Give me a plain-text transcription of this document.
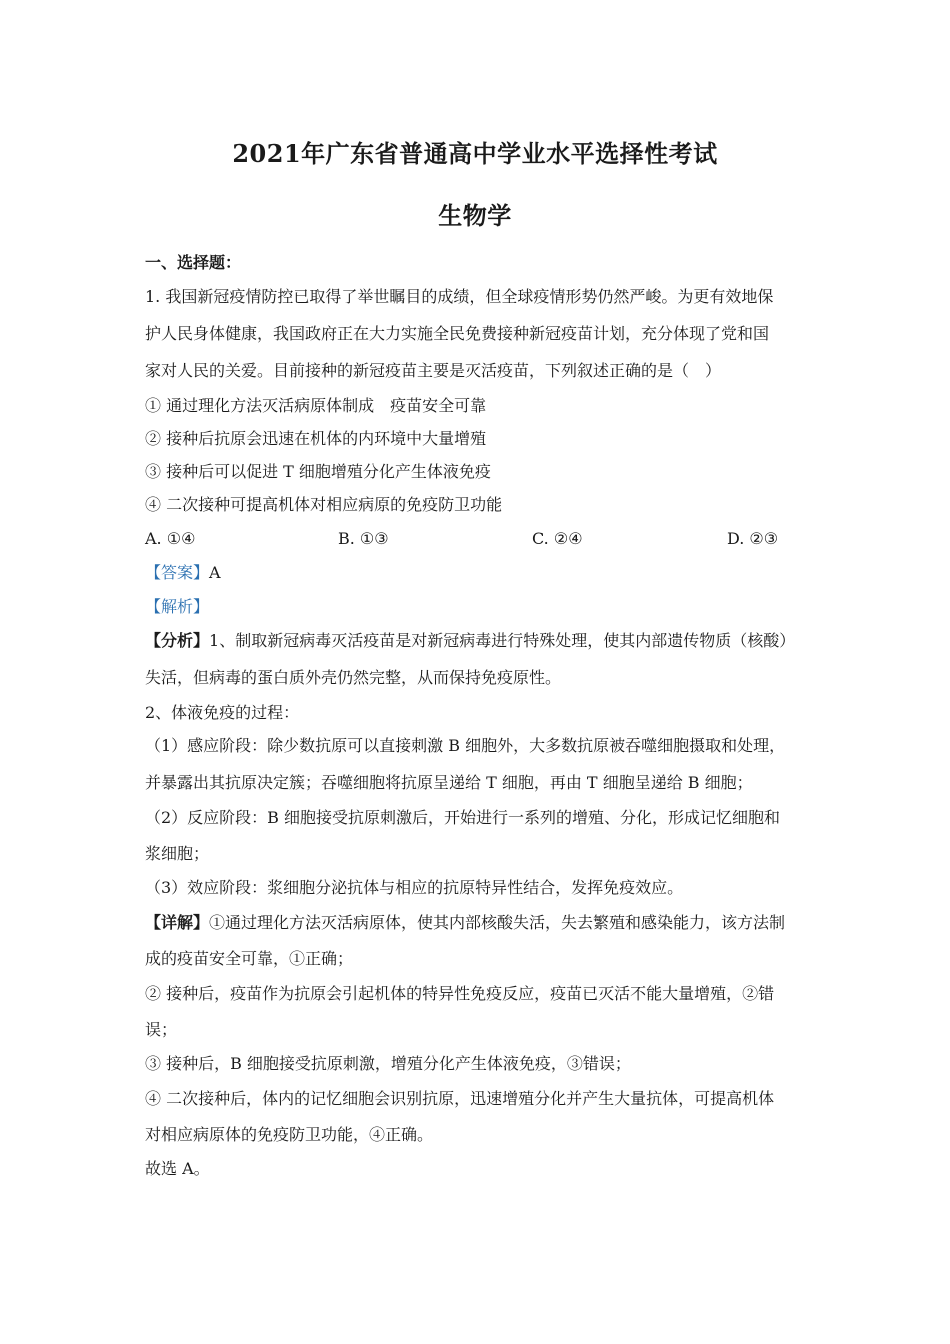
2021年广东省普通高中学业水平选择性考试
生物学
一、选择题：
1. 我国新冠疫情防控已取得了举世瞩目的成绩，但全球疫情形势仍然严峻。为更有效地保
护人民身体健康，我国政府正在大力实施全民免费接种新冠疫苗计划，充分体现了党和国
家对人民的关爱。目前接种的新冠疫苗主要是灭活疫苗，下列叙述正确的是（　）
① 通过理化方法灭活病原体制成　疫苗安全可靠
② 接种后抗原会迅速在机体的内环境中大量增殖
③ 接种后可以促进 T 细胞增殖分化产生体液免疫
④ 二次接种可提高机体对相应病原的免疫防卫功能
A. ①④	B. ①③	C. ②④	D. ②③
【答案】A
【解析】
【分析】1、制取新冠病毒灭活疫苗是对新冠病毒进行特殊处理，使其内部遗传物质（核酸）
失活，但病毒的蛋白质外壳仍然完整，从而保持免疫原性。
2、体液免疫的过程：
（1）感应阶段：除少数抗原可以直接刺激 B 细胞外，大多数抗原被吞噬细胞摄取和处理，
并暴露出其抗原决定簇；吞噬细胞将抗原呈递给 T 细胞，再由 T 细胞呈递给 B 细胞；
（2）反应阶段：B 细胞接受抗原刺激后，开始进行一系列的增殖、分化，形成记忆细胞和
浆细胞；
（3）效应阶段：浆细胞分泌抗体与相应的抗原特异性结合，发挥免疫效应。
【详解】①通过理化方法灭活病原体，使其内部核酸失活，失去繁殖和感染能力，该方法制
成的疫苗安全可靠，①正确；
② 接种后，疫苗作为抗原会引起机体的特异性免疫反应，疫苗已灭活不能大量增殖，②错
误；
③ 接种后，B 细胞接受抗原刺激，增殖分化产生体液免疫，③错误；
④ 二次接种后，体内的记忆细胞会识别抗原，迅速增殖分化并产生大量抗体，可提高机体
对相应病原体的免疫防卫功能，④正确。
故选 A。
